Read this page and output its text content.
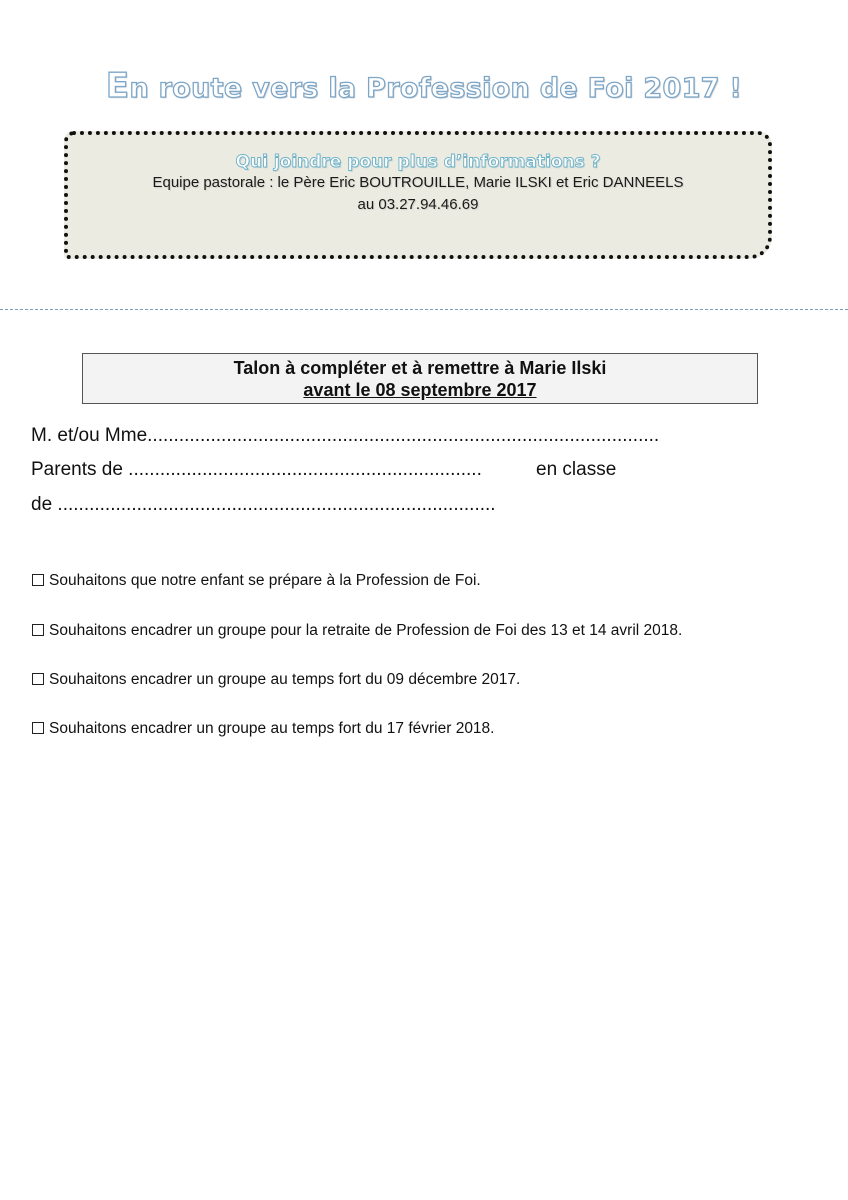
En route vers la Profession de Foi 2017 !
Qui joindre pour plus d’informations ?
Equipe pastorale : le Père Eric BOUTROUILLE, Marie ILSKI et Eric DANNEELS
au 03.27.94.46.69
Talon à compléter et à remettre à Marie Ilski
avant le 08 septembre 2017
M. et/ou Mme.................................................................................................
Parents de ...................................................................	en classe
de ...................................................................................
Souhaitons que notre enfant se prépare à la Profession de Foi.
Souhaitons encadrer un groupe pour la retraite de Profession de Foi des 13 et 14 avril 2018.
Souhaitons encadrer un groupe au temps fort du 09 décembre 2017.
Souhaitons encadrer un groupe au temps fort du 17 février 2018.
